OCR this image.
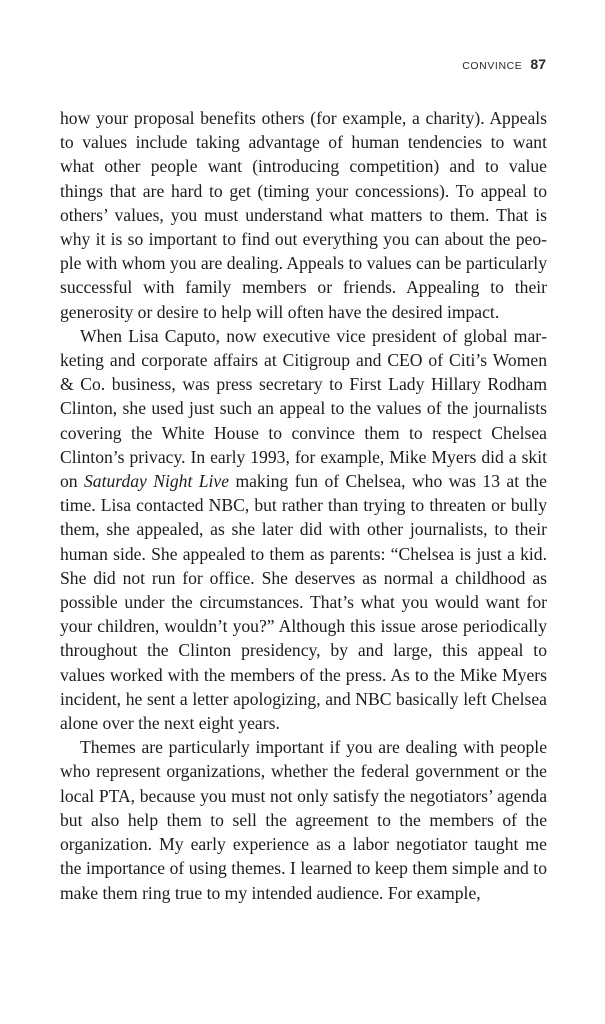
CONVINCE 87

how your proposal benefits others (for example, a charity). Appeals to values include taking advantage of human tendencies to want what other people want (introducing competition) and to value things that are hard to get (timing your concessions). To appeal to others’ values, you must understand what matters to them. That is why it is so important to find out everything you can about the people with whom you are dealing. Appeals to values can be particularly successful with family members or friends. Appealing to their generosity or desire to help will often have the desired impact.

When Lisa Caputo, now executive vice president of global marketing and corporate affairs at Citigroup and CEO of Citi’s Women & Co. business, was press secretary to First Lady Hillary Rodham Clinton, she used just such an appeal to the values of the journalists covering the White House to convince them to respect Chelsea Clinton’s privacy. In early 1993, for example, Mike Myers did a skit on Saturday Night Live making fun of Chelsea, who was 13 at the time. Lisa contacted NBC, but rather than trying to threaten or bully them, she appealed, as she later did with other journalists, to their human side. She appealed to them as parents: “Chelsea is just a kid. She did not run for office. She deserves as normal a childhood as possible under the circumstances. That’s what you would want for your children, wouldn’t you?” Although this issue arose periodically throughout the Clinton presidency, by and large, this appeal to values worked with the members of the press. As to the Mike Myers incident, he sent a letter apologizing, and NBC basically left Chelsea alone over the next eight years.

Themes are particularly important if you are dealing with people who represent organizations, whether the federal government or the local PTA, because you must not only satisfy the negotiators’ agenda but also help them to sell the agreement to the members of the organization. My early experience as a labor negotiator taught me the importance of using themes. I learned to keep them simple and to make them ring true to my intended audience. For example,
